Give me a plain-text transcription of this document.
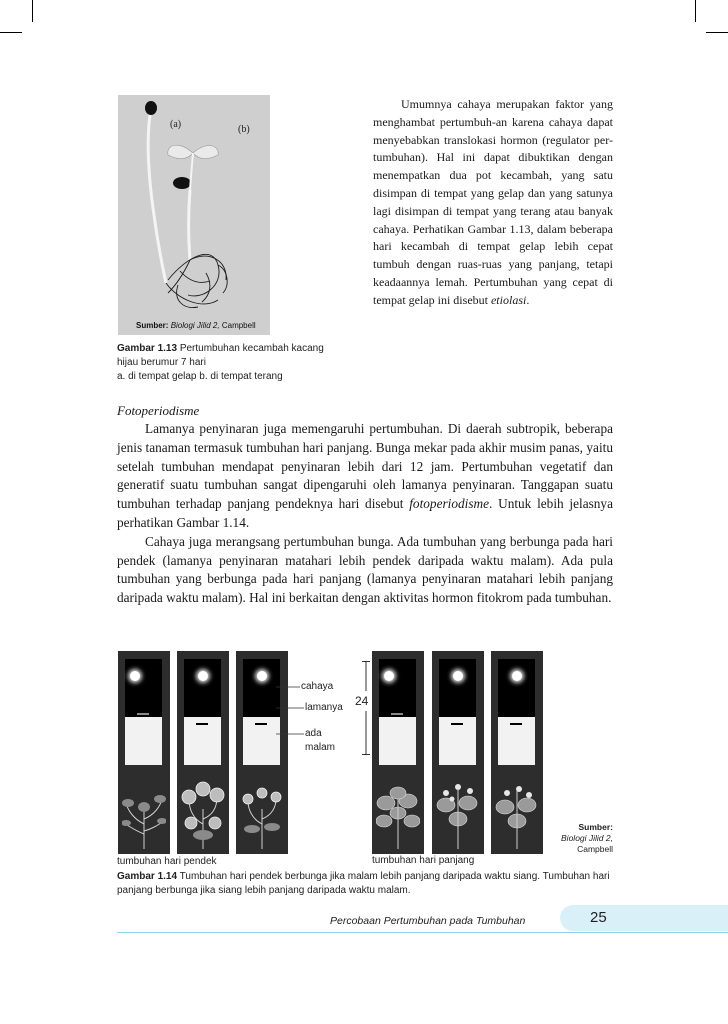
(a)	(b)
Sumber: Biologi Jilid 2, Campbell
Gambar 1.13 Pertumbuhan kecambah kacang hijau berumur 7 hari
a. di tempat gelap b. di tempat terang

Umumnya cahaya merupakan faktor yang menghambat pertumbuh-an karena cahaya dapat menyebabkan translokasi hormon (regulator per-tumbuhan). Hal ini dapat dibuktikan dengan menempatkan dua pot kecambah, yang satu disimpan di tempat yang gelap dan yang satunya lagi disimpan di tempat yang terang atau banyak cahaya. Perhatikan Gambar 1.13, dalam beberapa hari kecambah di tempat gelap lebih cepat tumbuh dengan ruas-ruas yang panjang, tetapi keadaannya lemah. Pertumbuhan yang cepat di tempat gelap ini disebut etiolasi.

Fotoperiodisme

Lamanya penyinaran juga memengaruhi pertumbuhan. Di daerah subtropik, beberapa jenis tanaman termasuk tumbuhan hari panjang. Bunga mekar pada akhir musim panas, yaitu setelah tumbuhan mendapat penyinaran lebih dari 12 jam. Pertumbuhan vegetatif dan generatif suatu tumbuhan sangat dipengaruhi oleh lamanya penyinaran. Tanggapan suatu tumbuhan terhadap panjang pendeknya hari disebut fotoperiodisme. Untuk lebih jelasnya perhatikan Gambar 1.14.

Cahaya juga merangsang pertumbuhan bunga. Ada tumbuhan yang berbunga pada hari pendek (lamanya penyinaran matahari lebih pendek daripada waktu malam). Ada pula tumbuhan yang berbunga pada hari panjang (lamanya penyinaran matahari lebih panjang daripada waktu malam). Hal ini berkaitan dengan aktivitas hormon fitokrom pada tumbuhan.

cahaya
lamanya
ada
malam
24
Sumber:
Biologi Jilid 2,
Campbell
tumbuhan hari pendek	tumbuhan hari panjang
Gambar 1.14 Tumbuhan hari pendek berbunga jika malam lebih panjang daripada waktu siang. Tumbuhan hari panjang berbunga jika siang lebih panjang daripada waktu malam.
Percobaan Pertumbuhan pada Tumbuhan	25
